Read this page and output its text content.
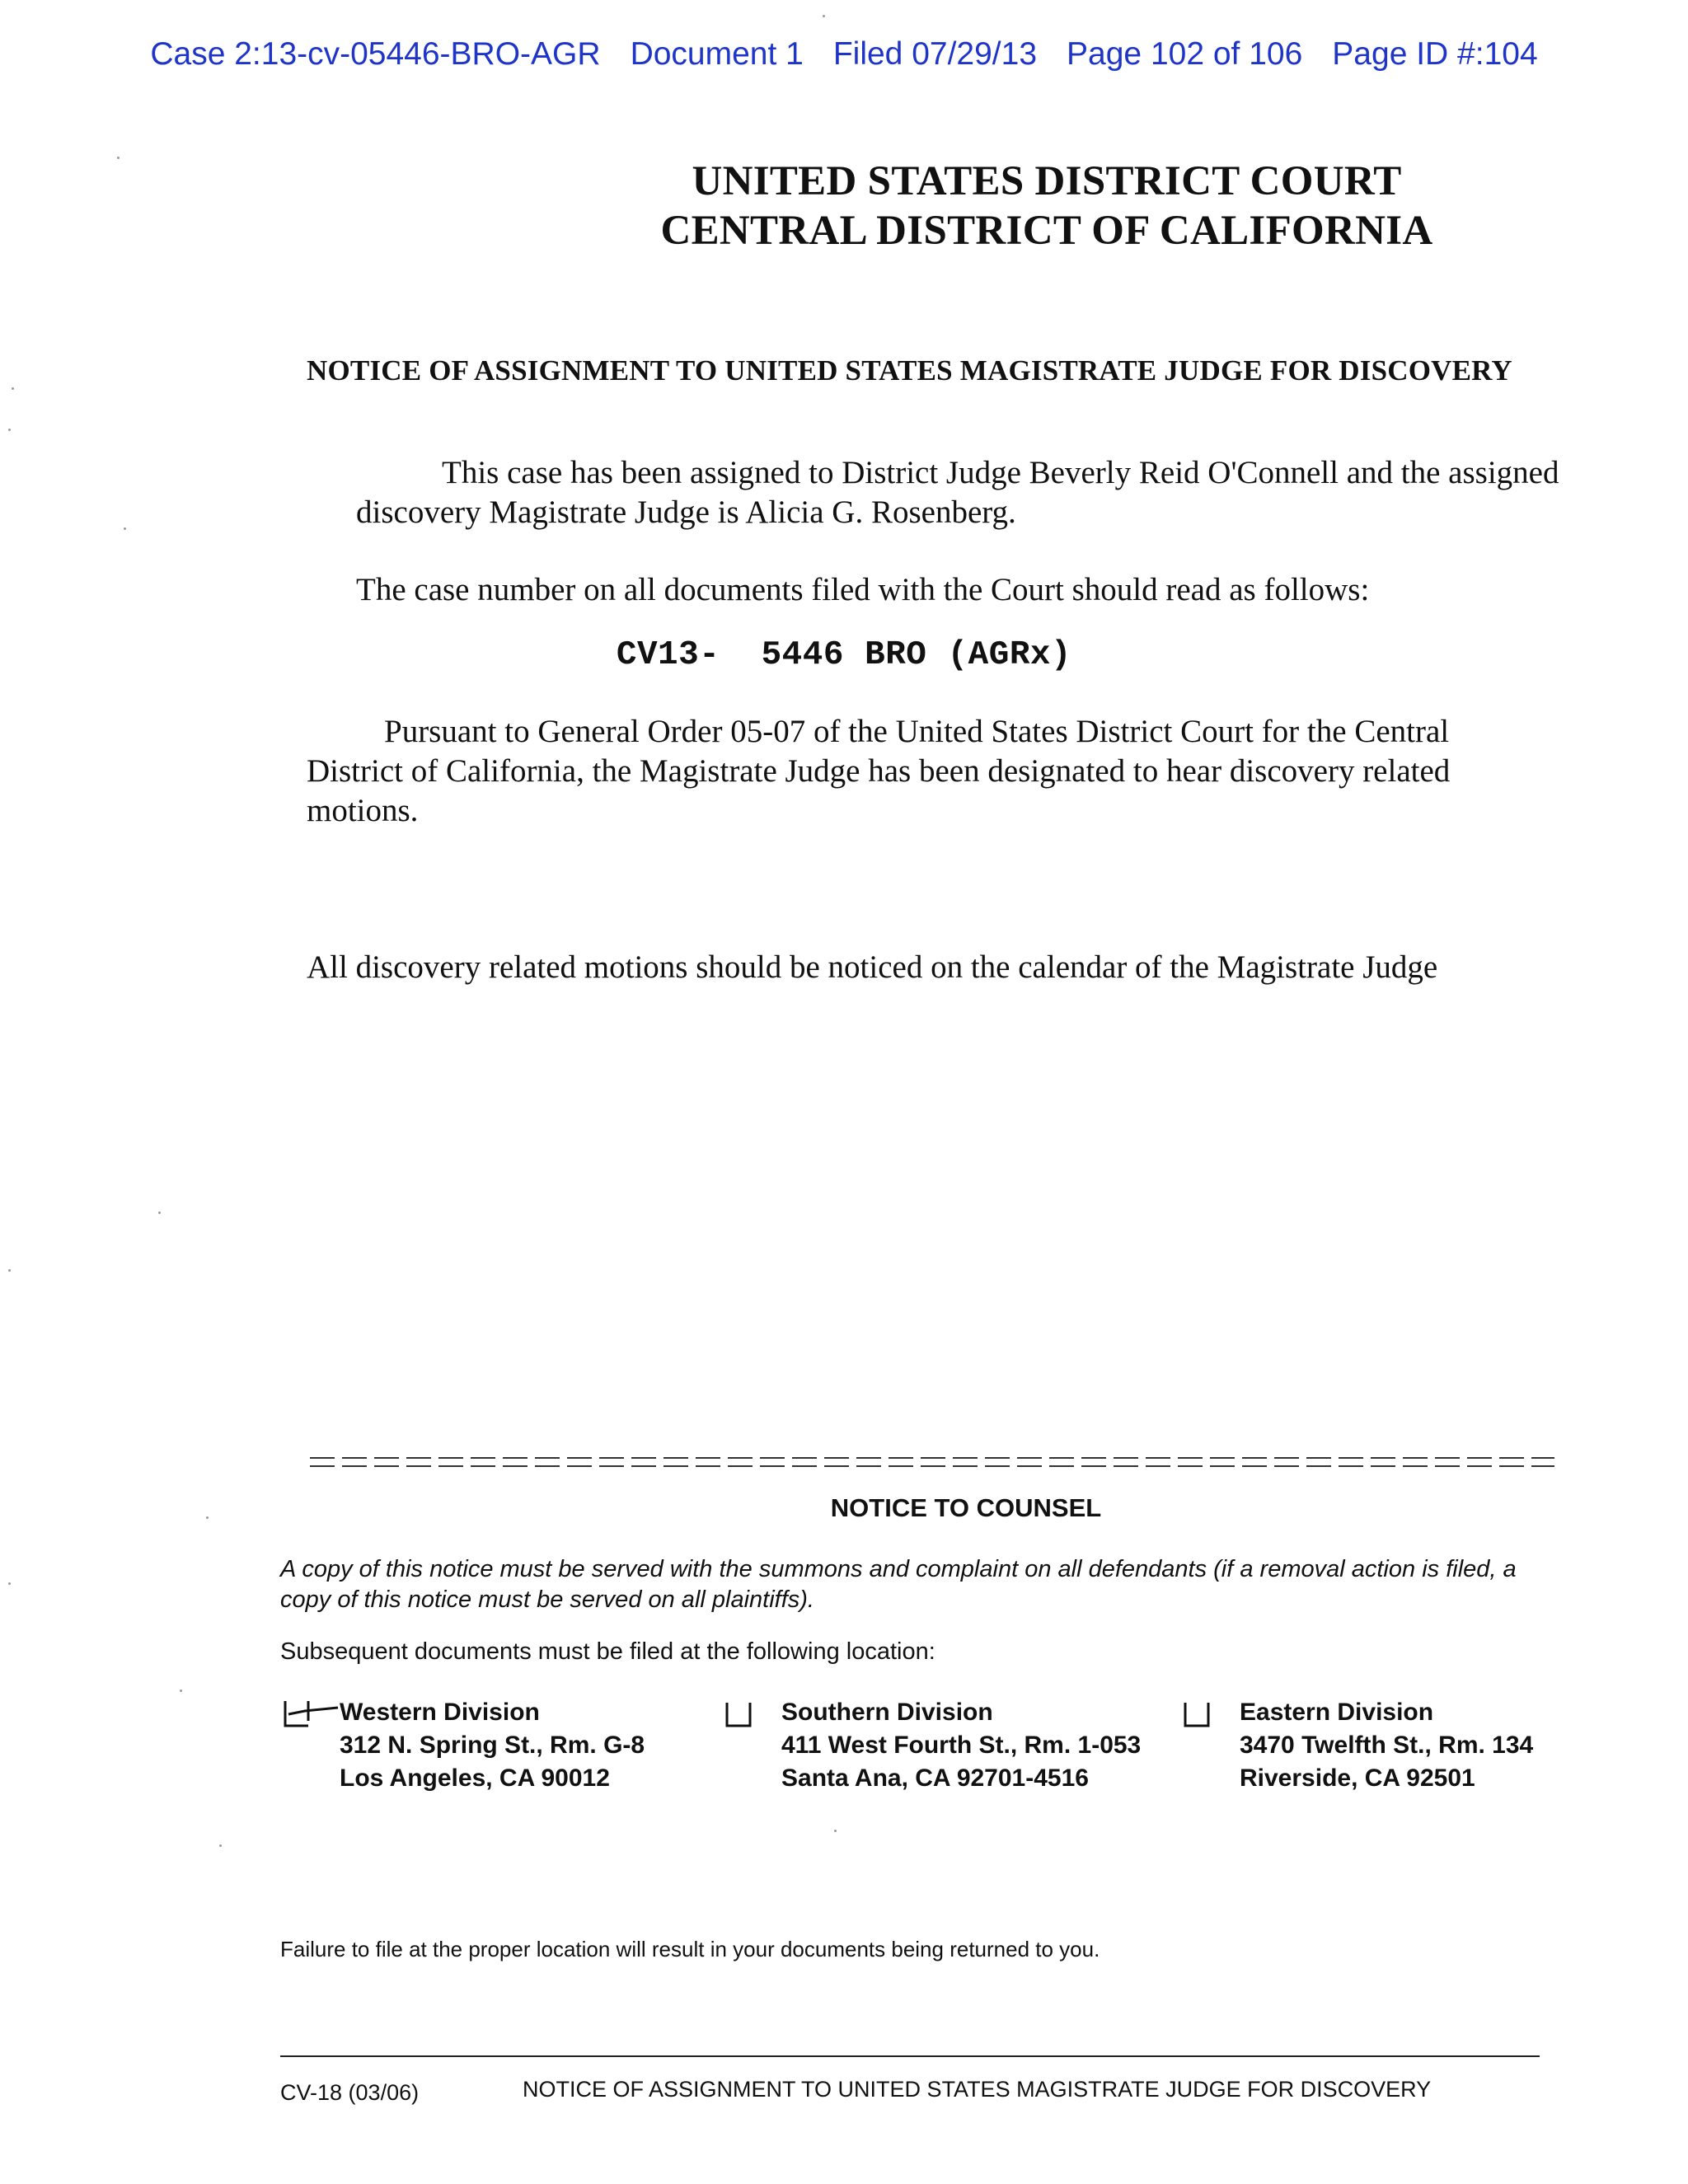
Case 2:13-cv-05446-BRO-AGR Document 1 Filed 07/29/13 Page 102 of 106 Page ID #:104
UNITED STATES DISTRICT COURT
CENTRAL DISTRICT OF CALIFORNIA
NOTICE OF ASSIGNMENT TO UNITED STATES MAGISTRATE JUDGE FOR DISCOVERY
This case has been assigned to District Judge Beverly Reid O'Connell and the assigned discovery Magistrate Judge is Alicia G. Rosenberg.
The case number on all documents filed with the Court should read as follows:
CV13-  5446 BRO (AGRx)
Pursuant to General Order 05-07 of the United States District Court for the Central District of California, the Magistrate Judge has been designated to hear discovery related motions.
All discovery related motions should be noticed on the calendar of the Magistrate Judge
NOTICE TO COUNSEL
A copy of this notice must be served with the summons and complaint on all defendants (if a removal action is filed, a copy of this notice must be served on all plaintiffs).
Subsequent documents must be filed at the following location:
Western Division
312 N. Spring St., Rm. G-8
Los Angeles, CA 90012
Southern Division
411 West Fourth St., Rm. 1-053
Santa Ana, CA 92701-4516
Eastern Division
3470 Twelfth St., Rm. 134
Riverside, CA 92501
Failure to file at the proper location will result in your documents being returned to you.
CV-18 (03/06)	NOTICE OF ASSIGNMENT TO UNITED STATES MAGISTRATE JUDGE FOR DISCOVERY
